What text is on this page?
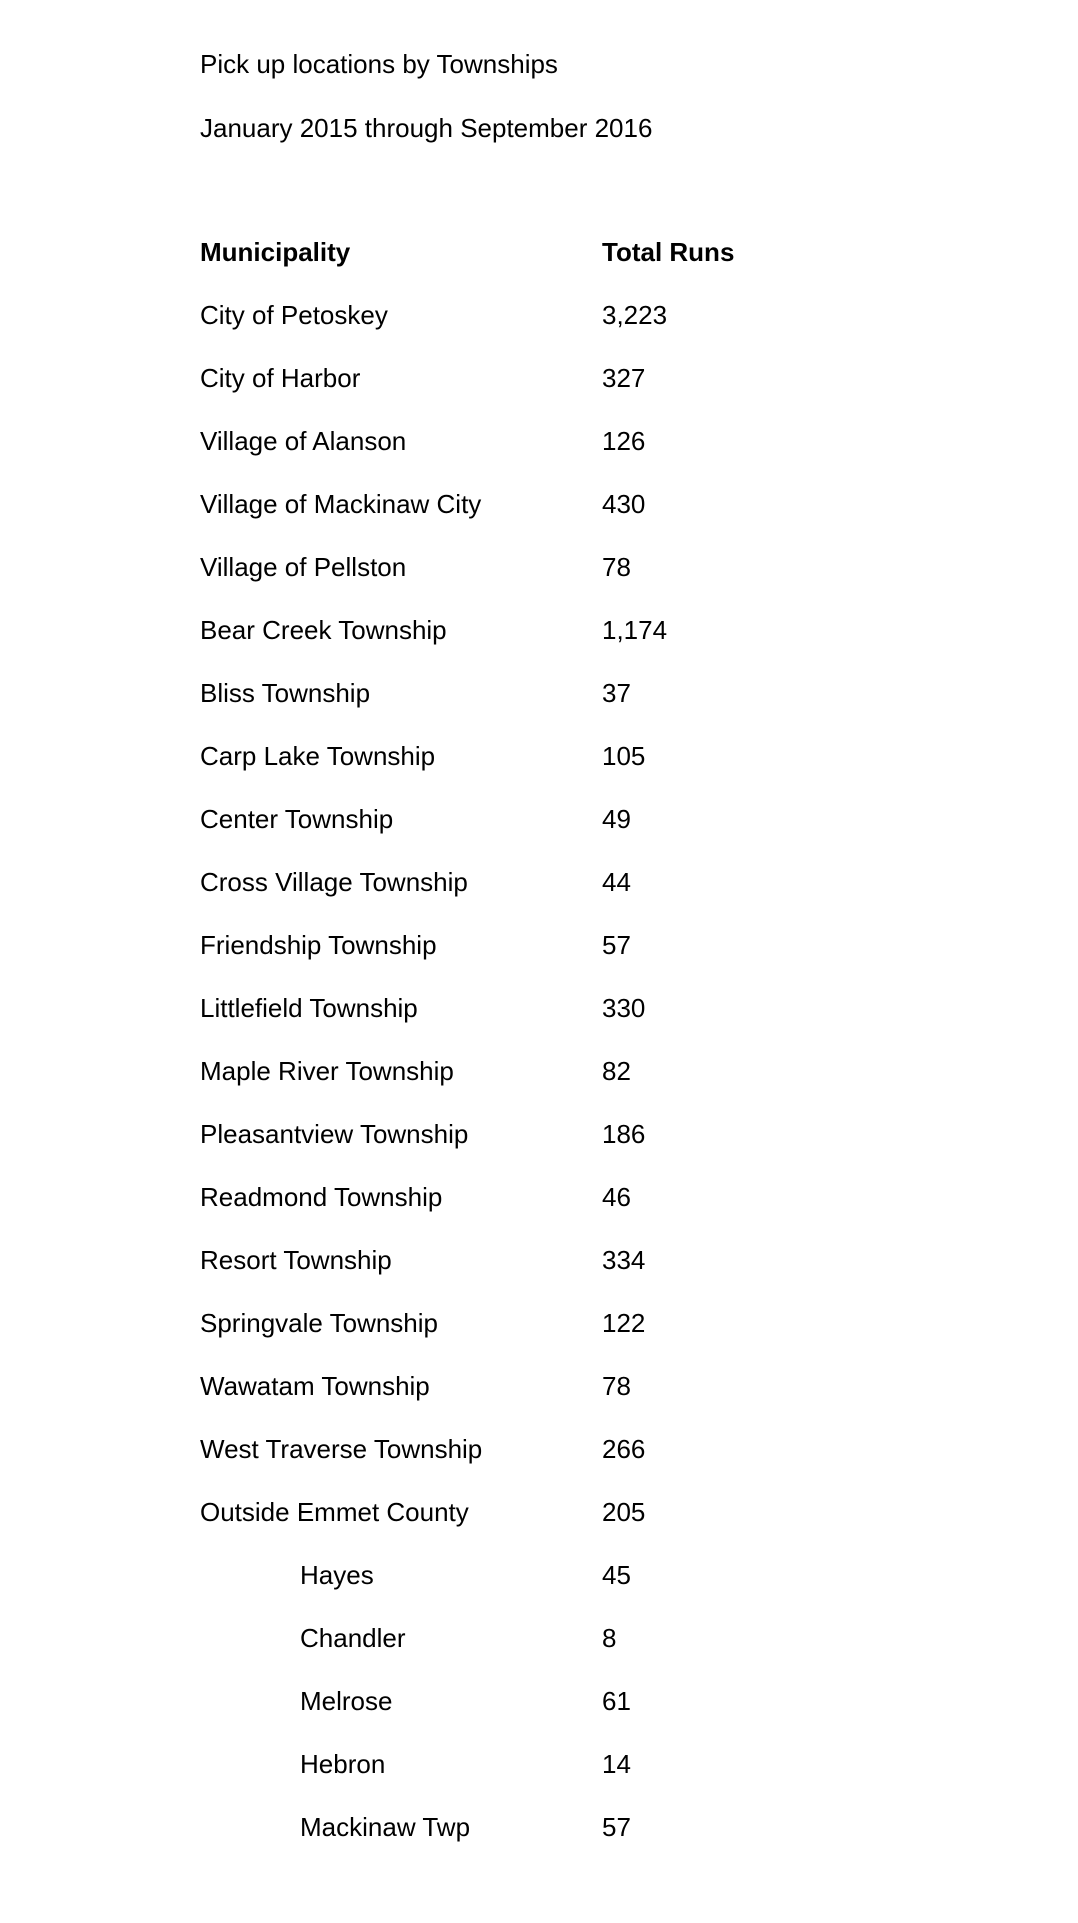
Pick up locations by Townships
January 2015 through September 2016
Municipality	Total Runs
City of Petoskey	3,223
City of Harbor	327
Village of Alanson	126
Village of Mackinaw City	430
Village of Pellston	78
Bear Creek Township	1,174
Bliss Township	37
Carp Lake Township	105
Center Township	49
Cross Village Township	44
Friendship Township	57
Littlefield Township	330
Maple River Township	82
Pleasantview Township	186
Readmond Township	46
Resort Township	334
Springvale Township	122
Wawatam Township	78
West Traverse Township	266
Outside Emmet County	205
Hayes	45
Chandler	8
Melrose	61
Hebron	14
Mackinaw Twp	57
